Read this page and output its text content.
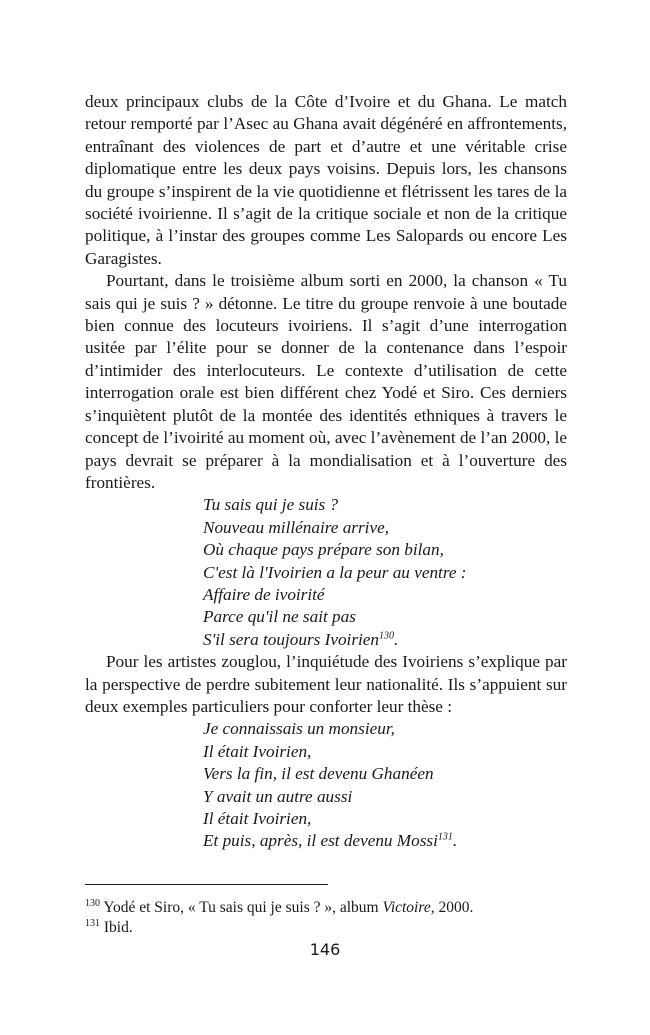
deux principaux clubs de la Côte d’Ivoire et du Ghana. Le match retour remporté par l’Asec au Ghana avait dégénéré en affrontements, entraînant des violences de part et d’autre et une véritable crise diplomatique entre les deux pays voisins. Depuis lors, les chansons du groupe s’inspirent de la vie quotidienne et flétrissent les tares de la société ivoirienne. Il s’agit de la critique sociale et non de la critique politique, à l’instar des groupes comme Les Salopards ou encore Les Garagistes.

Pourtant, dans le troisième album sorti en 2000, la chanson « Tu sais qui je suis ? » détonne. Le titre du groupe renvoie à une boutade bien connue des locuteurs ivoiriens. Il s’agit d’une interrogation usitée par l’élite pour se donner de la contenance dans l’espoir d’intimider des interlocuteurs. Le contexte d’utilisation de cette interrogation orale est bien différent chez Yodé et Siro. Ces derniers s’inquiètent plutôt de la montée des identités ethniques à travers le concept de l’ivoirité au moment où, avec l’avènement de l’an 2000, le pays devrait se préparer à la mondialisation et à l’ouverture des frontières.

Tu sais qui je suis ?
Nouveau millénaire arrive,
Où chaque pays prépare son bilan,
C'est là l'Ivoirien a la peur au ventre :
Affaire de ivoirité
Parce qu'il ne sait pas
S'il sera toujours Ivoirien$^{130}$.

Pour les artistes zouglou, l’inquiétude des Ivoiriens s’explique par la perspective de perdre subitement leur nationalité. Ils s’appuient sur deux exemples particuliers pour conforter leur thèse :

Je connaissais un monsieur,
Il était Ivoirien,
Vers la fin, il est devenu Ghanéen
Y avait un autre aussi
Il était Ivoirien,
Et puis, après, il est devenu Mossi$^{131}$.
$^{130}$ Yodé et Siro, « Tu sais qui je suis ? », album Victoire, 2000.
$^{131}$ Ibid.
146
